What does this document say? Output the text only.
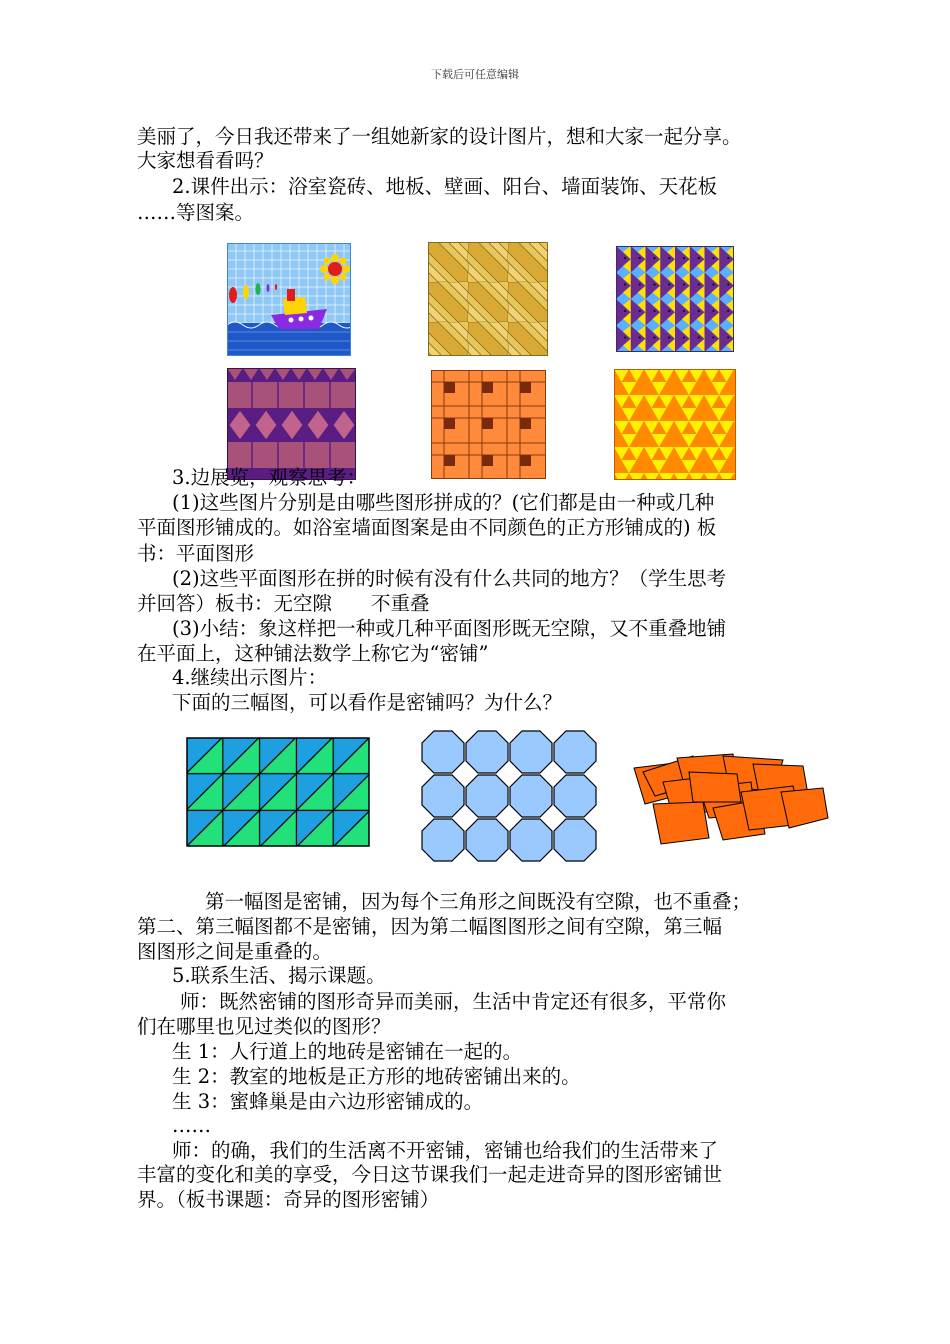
下载后可任意编辑
美丽了，今日我还带来了一组她新家的设计图片，想和大家一起分享。
大家想看看吗？
2.课件出示：浴室瓷砖、地板、壁画、阳台、墙面装饰、天花板
……等图案。
3.边展览，观察思考：
(1)这些图片分别是由哪些图形拼成的？(它们都是由一种或几种
平面图形铺成的。如浴室墙面图案是由不同颜色的正方形铺成的) 板
书：平面图形
(2)这些平面图形在拼的时候有没有什么共同的地方？（学生思考
并回答）板书：无空隙　　不重叠
(3)小结：象这样把一种或几种平面图形既无空隙，又不重叠地铺
在平面上，这种铺法数学上称它为“密铺”
4.继续出示图片：
下面的三幅图，可以看作是密铺吗？为什么？
第一幅图是密铺，因为每个三角形之间既没有空隙，也不重叠；
第二、第三幅图都不是密铺，因为第二幅图图形之间有空隙，第三幅
图图形之间是重叠的。
5.联系生活、揭示课题。
师：既然密铺的图形奇异而美丽，生活中肯定还有很多，平常你
们在哪里也见过类似的图形？
生 1：人行道上的地砖是密铺在一起的。
生 2：教室的地板是正方形的地砖密铺出来的。
生 3：蜜蜂巢是由六边形密铺成的。
……
师：的确，我们的生活离不开密铺，密铺也给我们的生活带来了
丰富的变化和美的享受，今日这节课我们一起走进奇异的图形密铺世
界。（板书课题：奇异的图形密铺）
